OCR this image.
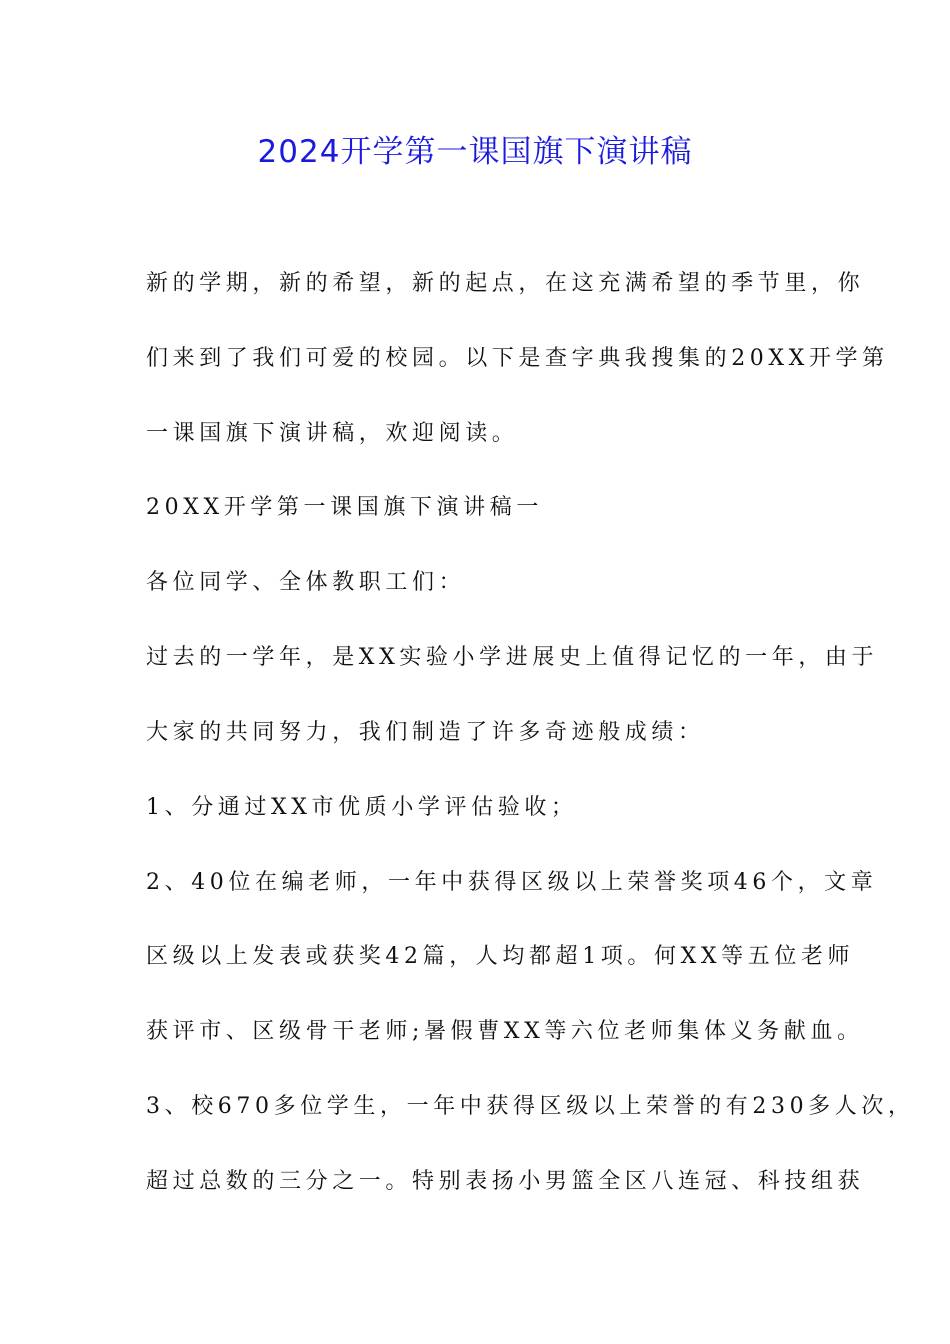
2024开学第一课国旗下演讲稿
新的学期，新的希望，新的起点，在这充满希望的季节里，你
们来到了我们可爱的校园。以下是查字典我搜集的20XX开学第
一课国旗下演讲稿，欢迎阅读。
20XX开学第一课国旗下演讲稿一
各位同学、全体教职工们：
过去的一学年，是XX实验小学进展史上值得记忆的一年，由于
大家的共同努力，我们制造了许多奇迹般成绩：
1、分通过XX市优质小学评估验收；
2、40位在编老师，一年中获得区级以上荣誉奖项46个，文章
区级以上发表或获奖42篇，人均都超1项。何XX等五位老师
获评市、区级骨干老师;暑假曹XX等六位老师集体义务献血。
3、校670多位学生，一年中获得区级以上荣誉的有230多人次，
超过总数的三分之一。特别表扬小男篮全区八连冠、科技组获
